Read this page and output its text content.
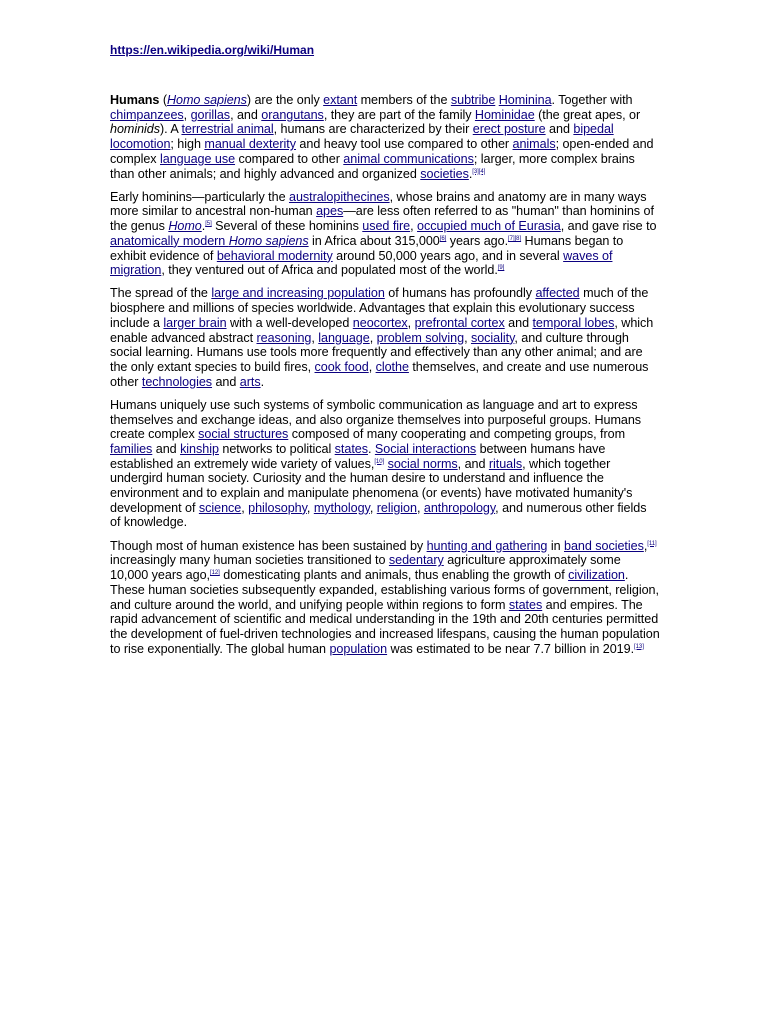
https://en.wikipedia.org/wiki/Human

Humans (Homo sapiens) are the only extant members of the subtribe Hominina. Together with chimpanzees, gorillas, and orangutans, they are part of the family Hominidae (the great apes, or hominids). A terrestrial animal, humans are characterized by their erect posture and bipedal locomotion; high manual dexterity and heavy tool use compared to other animals; open-ended and complex language use compared to other animal communications; larger, more complex brains than other animals; and highly advanced and organized societies.[3][4]

Early hominins—particularly the australopithecines, whose brains and anatomy are in many ways more similar to ancestral non-human apes—are less often referred to as "human" than hominins of the genus Homo.[5] Several of these hominins used fire, occupied much of Eurasia, and gave rise to anatomically modern Homo sapiens in Africa about 315,000[6] years ago.[7][8] Humans began to exhibit evidence of behavioral modernity around 50,000 years ago, and in several waves of migration, they ventured out of Africa and populated most of the world.[9]

The spread of the large and increasing population of humans has profoundly affected much of the biosphere and millions of species worldwide. Advantages that explain this evolutionary success include a larger brain with a well-developed neocortex, prefrontal cortex and temporal lobes, which enable advanced abstract reasoning, language, problem solving, sociality, and culture through social learning. Humans use tools more frequently and effectively than any other animal; and are the only extant species to build fires, cook food, clothe themselves, and create and use numerous other technologies and arts.

Humans uniquely use such systems of symbolic communication as language and art to express themselves and exchange ideas, and also organize themselves into purposeful groups. Humans create complex social structures composed of many cooperating and competing groups, from families and kinship networks to political states. Social interactions between humans have established an extremely wide variety of values,[10] social norms, and rituals, which together undergird human society. Curiosity and the human desire to understand and influence the environment and to explain and manipulate phenomena (or events) have motivated humanity's development of science, philosophy, mythology, religion, anthropology, and numerous other fields of knowledge.

Though most of human existence has been sustained by hunting and gathering in band societies,[11] increasingly many human societies transitioned to sedentary agriculture approximately some 10,000 years ago,[12] domesticating plants and animals, thus enabling the growth of civilization. These human societies subsequently expanded, establishing various forms of government, religion, and culture around the world, and unifying people within regions to form states and empires. The rapid advancement of scientific and medical understanding in the 19th and 20th centuries permitted the development of fuel-driven technologies and increased lifespans, causing the human population to rise exponentially. The global human population was estimated to be near 7.7 billion in 2019.[13]
